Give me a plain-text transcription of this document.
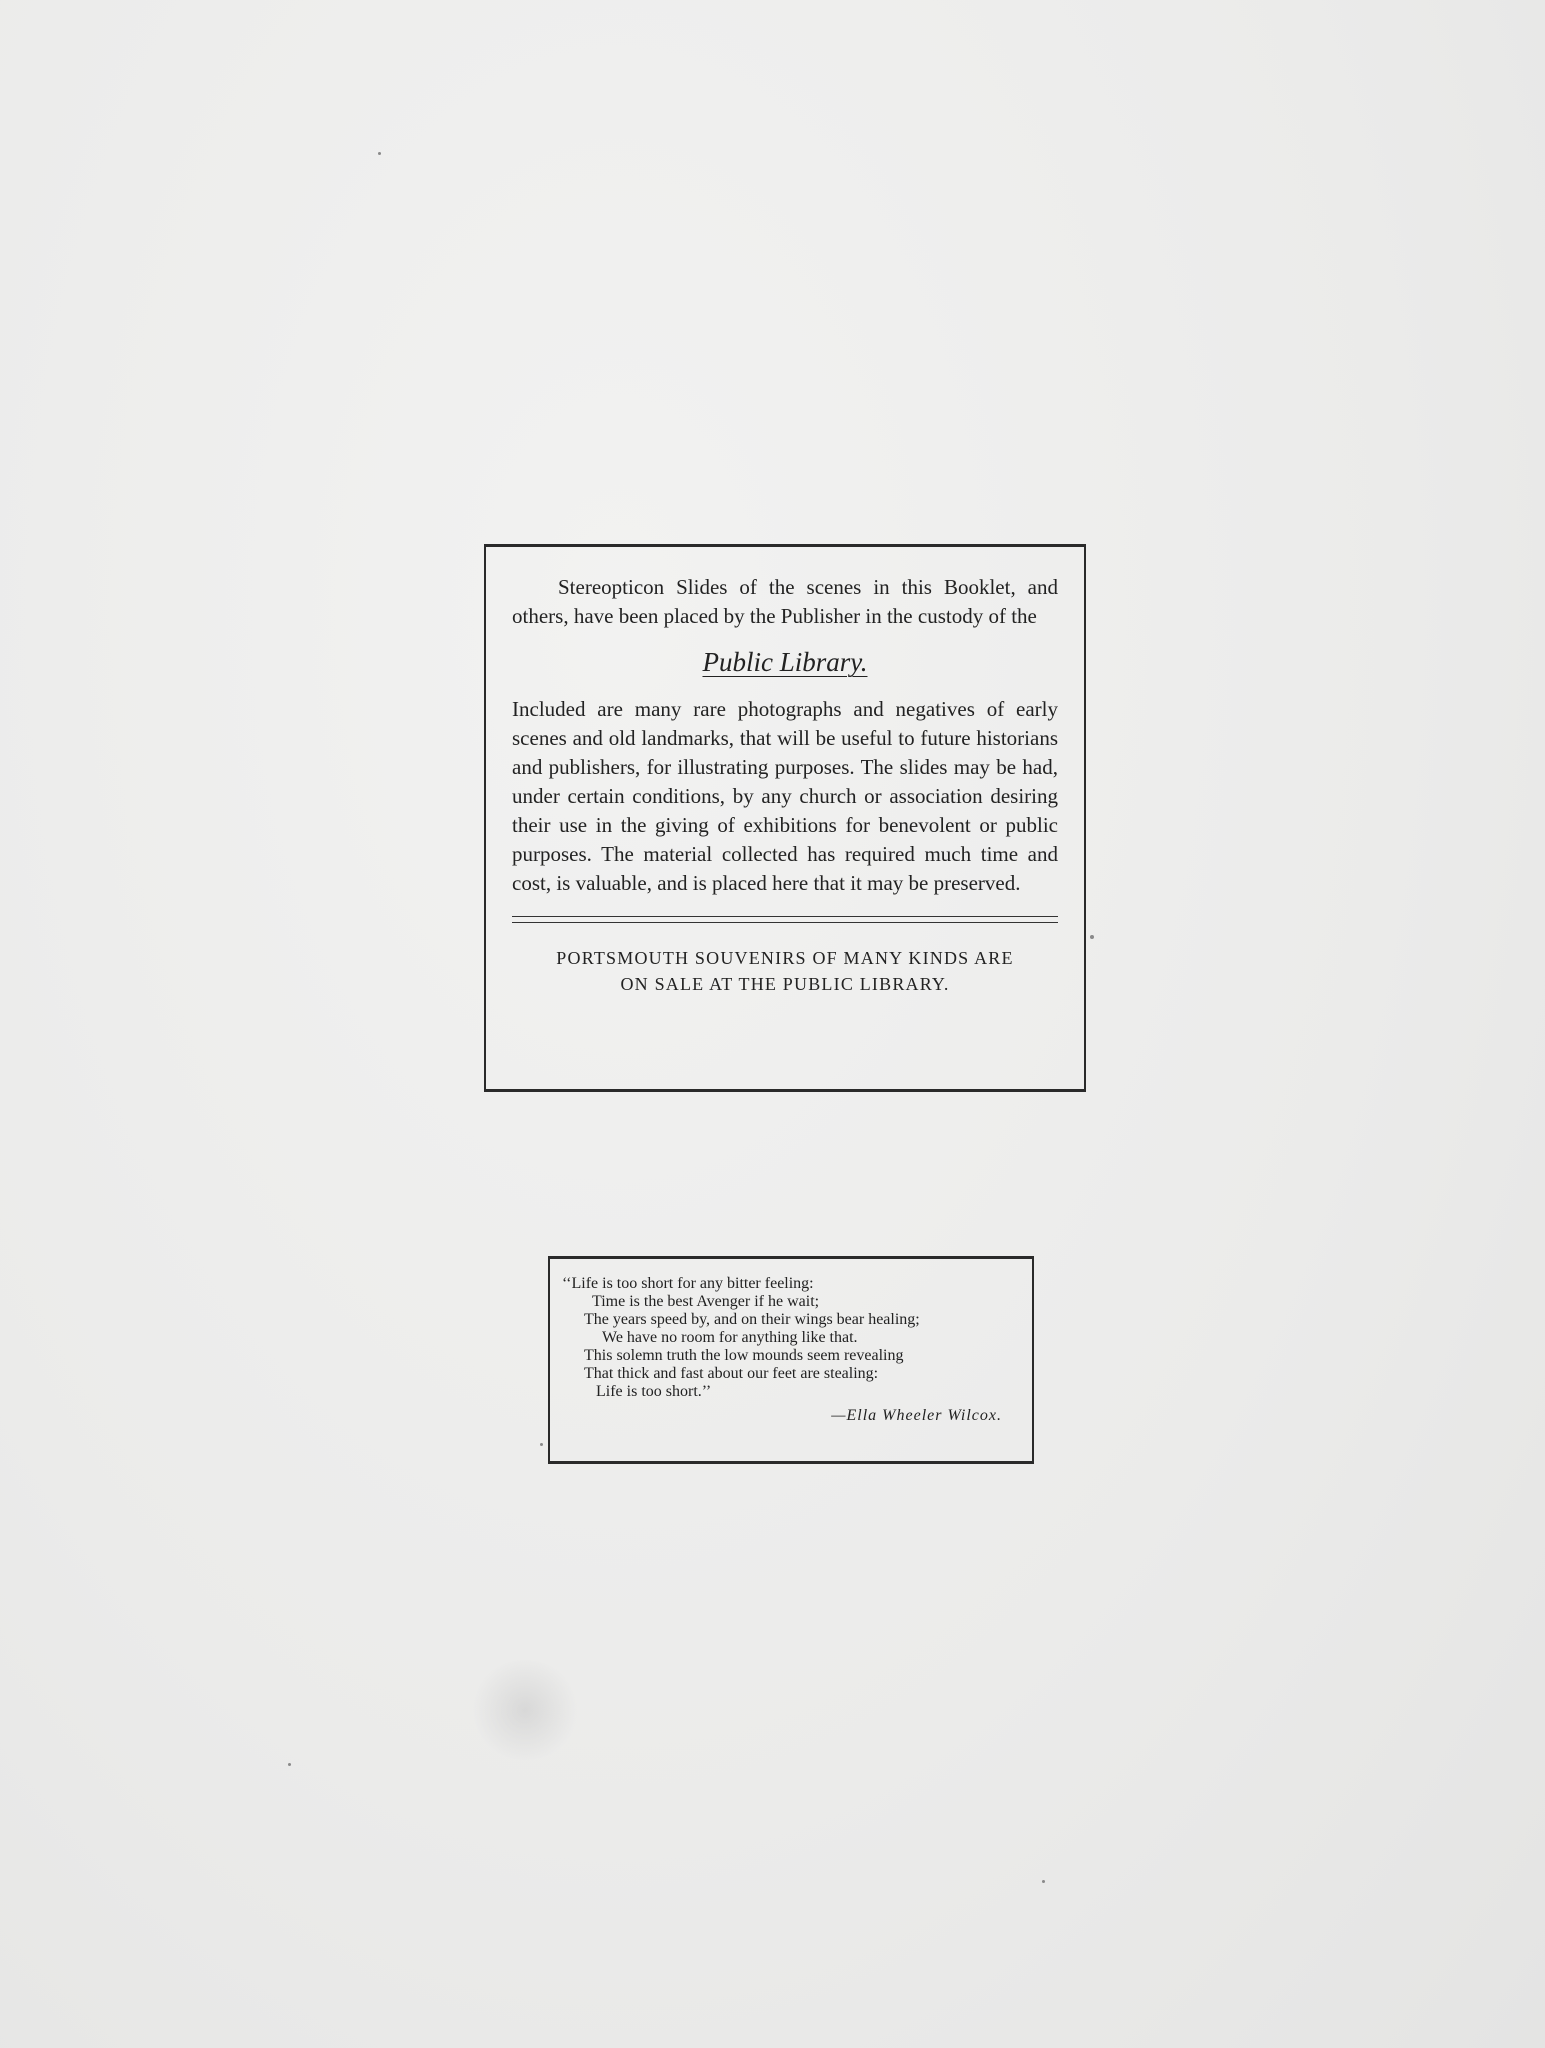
Stereopticon Slides of the scenes in this Booklet, and others, have been placed by the Publisher in the custody of the

Public Library.

Included are many rare photographs and negatives of early scenes and old landmarks, that will be useful to future historians and publishers, for illustrating purposes. The slides may be had, under certain conditions, by any church or association desiring their use in the giving of exhibitions for benevolent or public purposes. The material collected has required much time and cost, is valuable, and is placed here that it may be preserved.

PORTSMOUTH SOUVENIRS OF MANY KINDS ARE
ON SALE AT THE PUBLIC LIBRARY.
‘‘Life is too short for any bitter feeling:
Time is the best Avenger if he wait;
The years speed by, and on their wings bear healing;
We have no room for anything like that.
This solemn truth the low mounds seem revealing
That thick and fast about our feet are stealing:
Life is too short.’’
—Ella Wheeler Wilcox.
